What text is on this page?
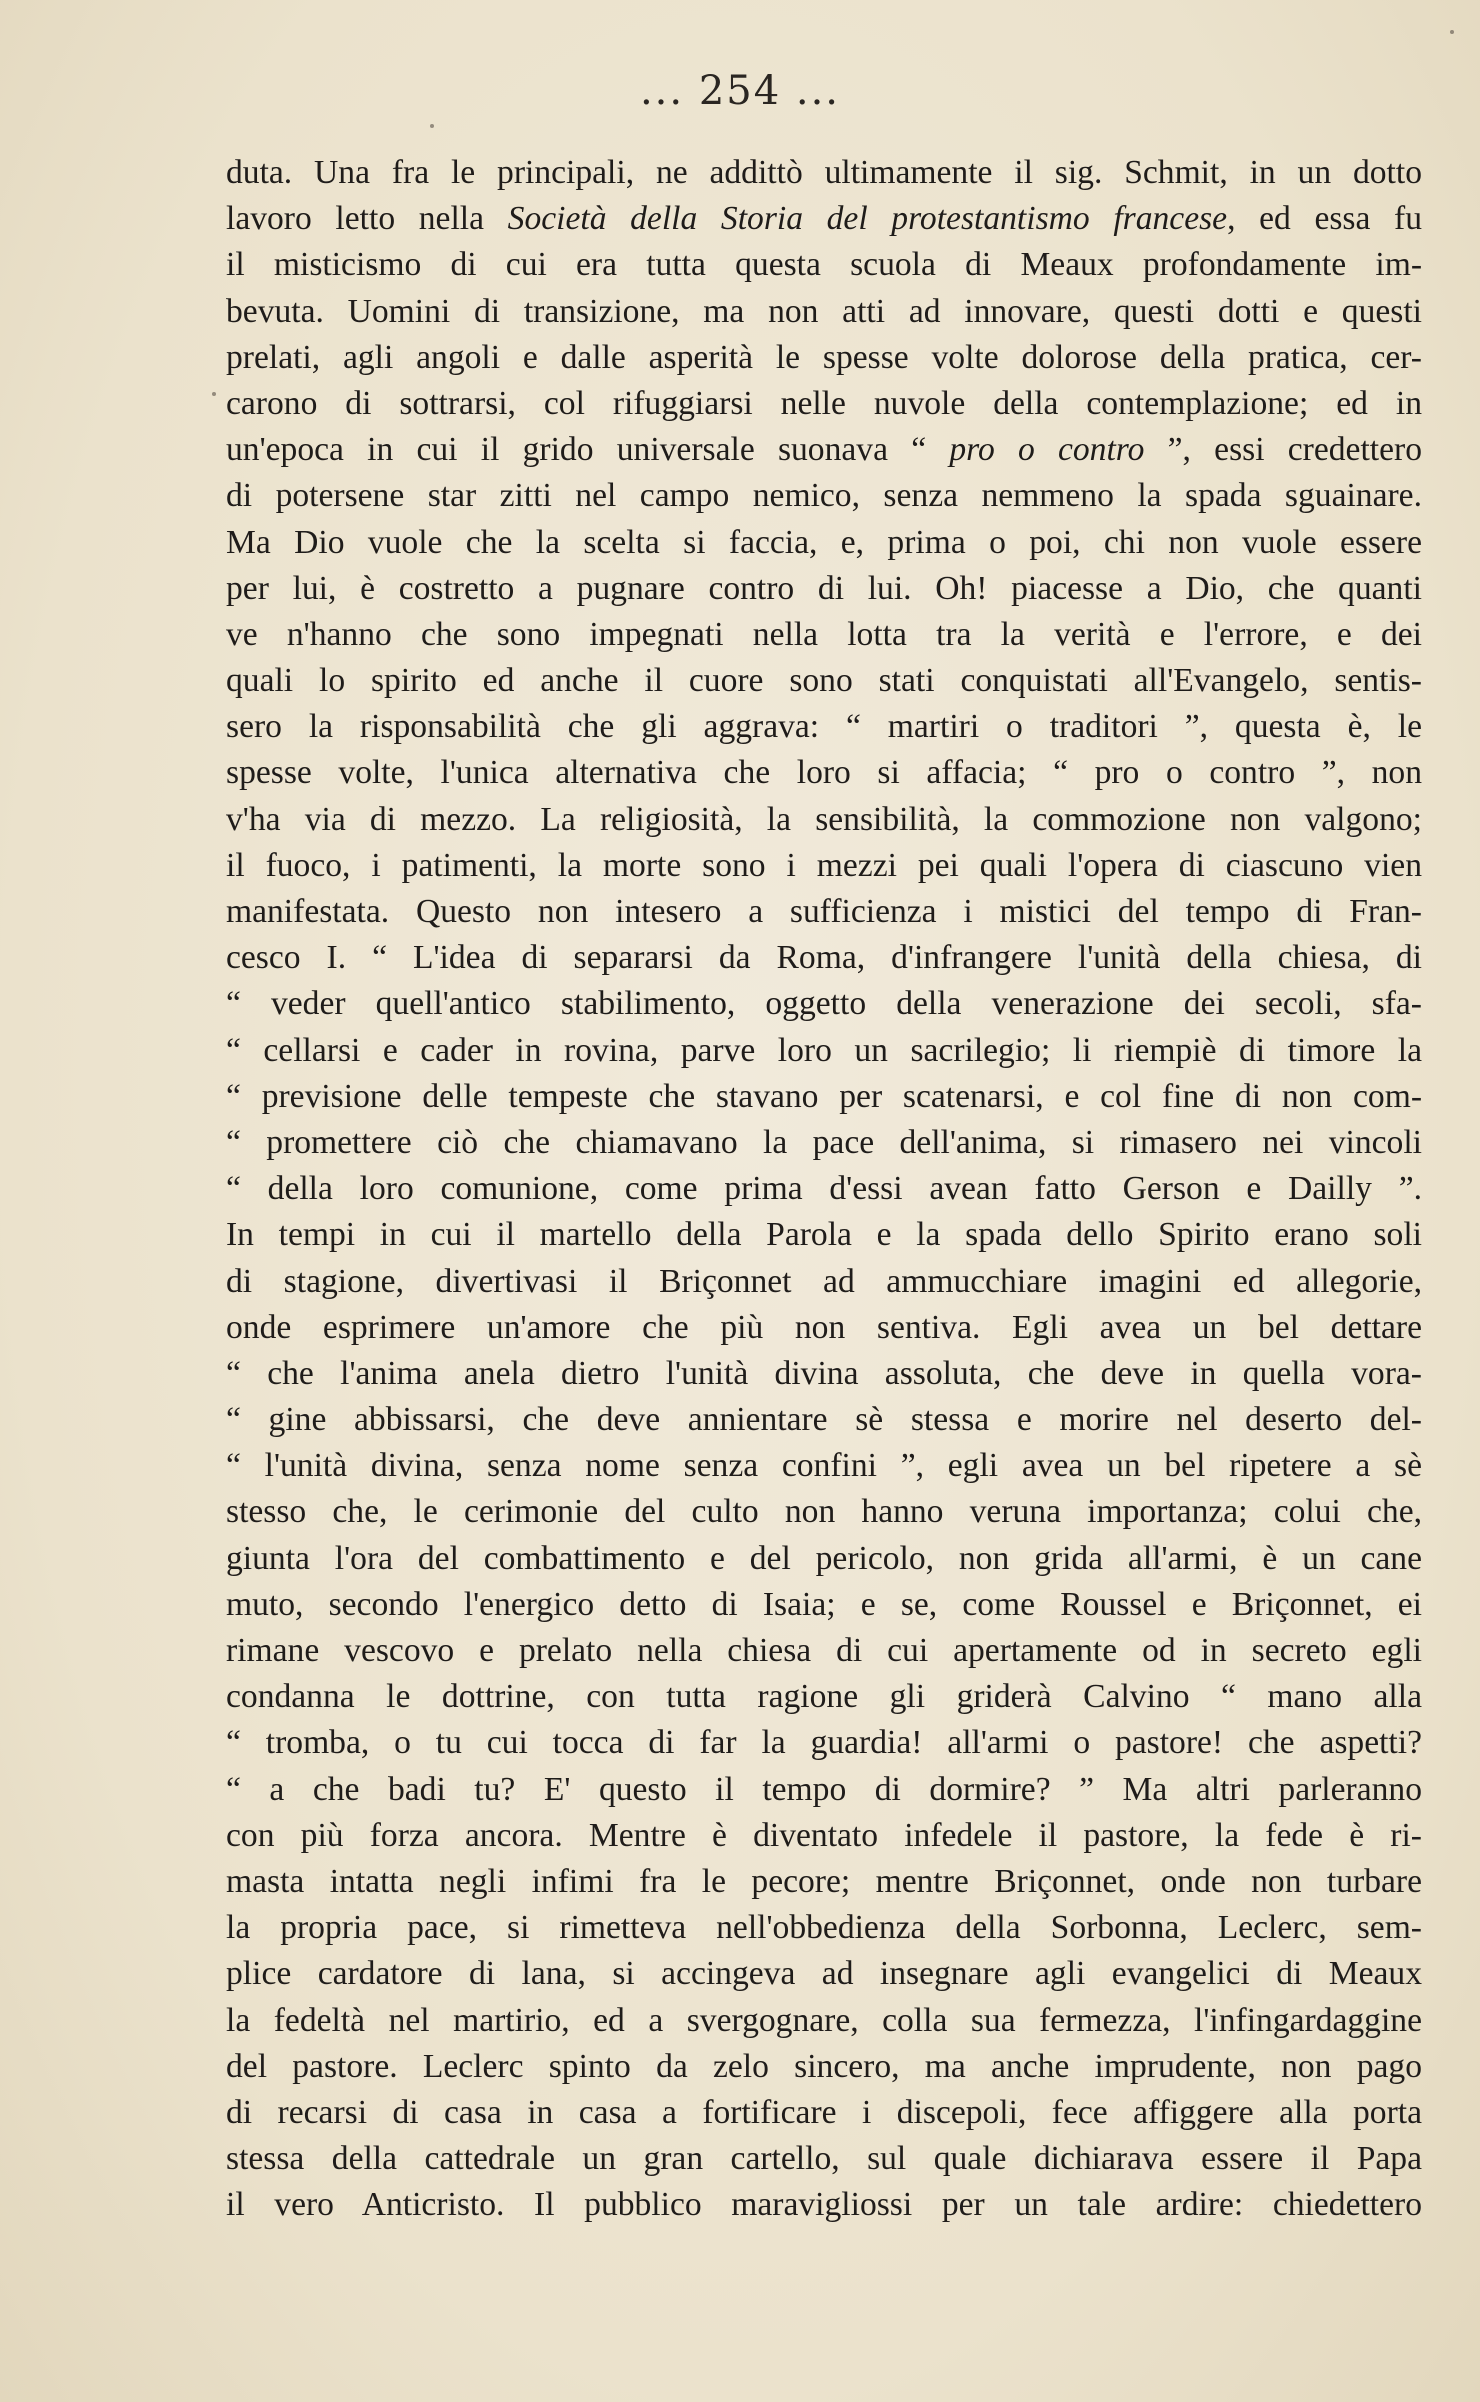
... 254 ...
duta. Una fra le principali, ne addittò ultimamente il sig. Schmit, in un dotto
lavoro letto nella Società della Storia del protestantismo francese, ed essa fu
il misticismo di cui era tutta questa scuola di Meaux profondamente im-
bevuta. Uomini di transizione, ma non atti ad innovare, questi dotti e questi
prelati, agli angoli e dalle asperità le spesse volte dolorose della pratica, cer-
carono di sottrarsi, col rifuggiarsi nelle nuvole della contemplazione; ed in
un'epoca in cui il grido universale suonava “ pro o contro ”, essi credettero
di potersene star zitti nel campo nemico, senza nemmeno la spada sguainare.
Ma Dio vuole che la scelta si faccia, e, prima o poi, chi non vuole essere
per lui, è costretto a pugnare contro di lui. Oh! piacesse a Dio, che quanti
ve n'hanno che sono impegnati nella lotta tra la verità e l'errore, e dei
quali lo spirito ed anche il cuore sono stati conquistati all'Evangelo, sentis-
sero la risponsabilità che gli aggrava: “ martiri o traditori ”, questa è, le
spesse volte, l'unica alternativa che loro si affacia; “ pro o contro ”, non
v'ha via di mezzo. La religiosità, la sensibilità, la commozione non valgono;
il fuoco, i patimenti, la morte sono i mezzi pei quali l'opera di ciascuno vien
manifestata. Questo non intesero a sufficienza i mistici del tempo di Fran-
cesco I. “ L'idea di separarsi da Roma, d'infrangere l'unità della chiesa, di
“ veder quell'antico stabilimento, oggetto della venerazione dei secoli, sfa-
“ cellarsi e cader in rovina, parve loro un sacrilegio; li riempiè di timore la
“ previsione delle tempeste che stavano per scatenarsi, e col fine di non com-
“ promettere ciò che chiamavano la pace dell'anima, si rimasero nei vincoli
“ della loro comunione, come prima d'essi avean fatto Gerson e Dailly ”.
In tempi in cui il martello della Parola e la spada dello Spirito erano soli
di stagione, divertivasi il Briçonnet ad ammucchiare imagini ed allegorie,
onde esprimere un'amore che più non sentiva. Egli avea un bel dettare
“ che l'anima anela dietro l'unità divina assoluta, che deve in quella vora-
“ gine abbissarsi, che deve annientare sè stessa e morire nel deserto del-
“ l'unità divina, senza nome senza confini ”, egli avea un bel ripetere a sè
stesso che, le cerimonie del culto non hanno veruna importanza; colui che,
giunta l'ora del combattimento e del pericolo, non grida all'armi, è un cane
muto, secondo l'energico detto di Isaia; e se, come Roussel e Briçonnet, ei
rimane vescovo e prelato nella chiesa di cui apertamente od in secreto egli
condanna le dottrine, con tutta ragione gli griderà Calvino “ mano alla
“ tromba, o tu cui tocca di far la guardia! all'armi o pastore! che aspetti?
“ a che badi tu? E' questo il tempo di dormire? ” Ma altri parleranno
con più forza ancora. Mentre è diventato infedele il pastore, la fede è ri-
masta intatta negli infimi fra le pecore; mentre Briçonnet, onde non turbare
la propria pace, si rimetteva nell'obbedienza della Sorbonna, Leclerc, sem-
plice cardatore di lana, si accingeva ad insegnare agli evangelici di Meaux
la fedeltà nel martirio, ed a svergognare, colla sua fermezza, l'infingardaggine
del pastore. Leclerc spinto da zelo sincero, ma anche imprudente, non pago
di recarsi di casa in casa a fortificare i discepoli, fece affiggere alla porta
stessa della cattedrale un gran cartello, sul quale dichiarava essere il Papa
il vero Anticristo. Il pubblico maravigliossi per un tale ardire: chiedettero
